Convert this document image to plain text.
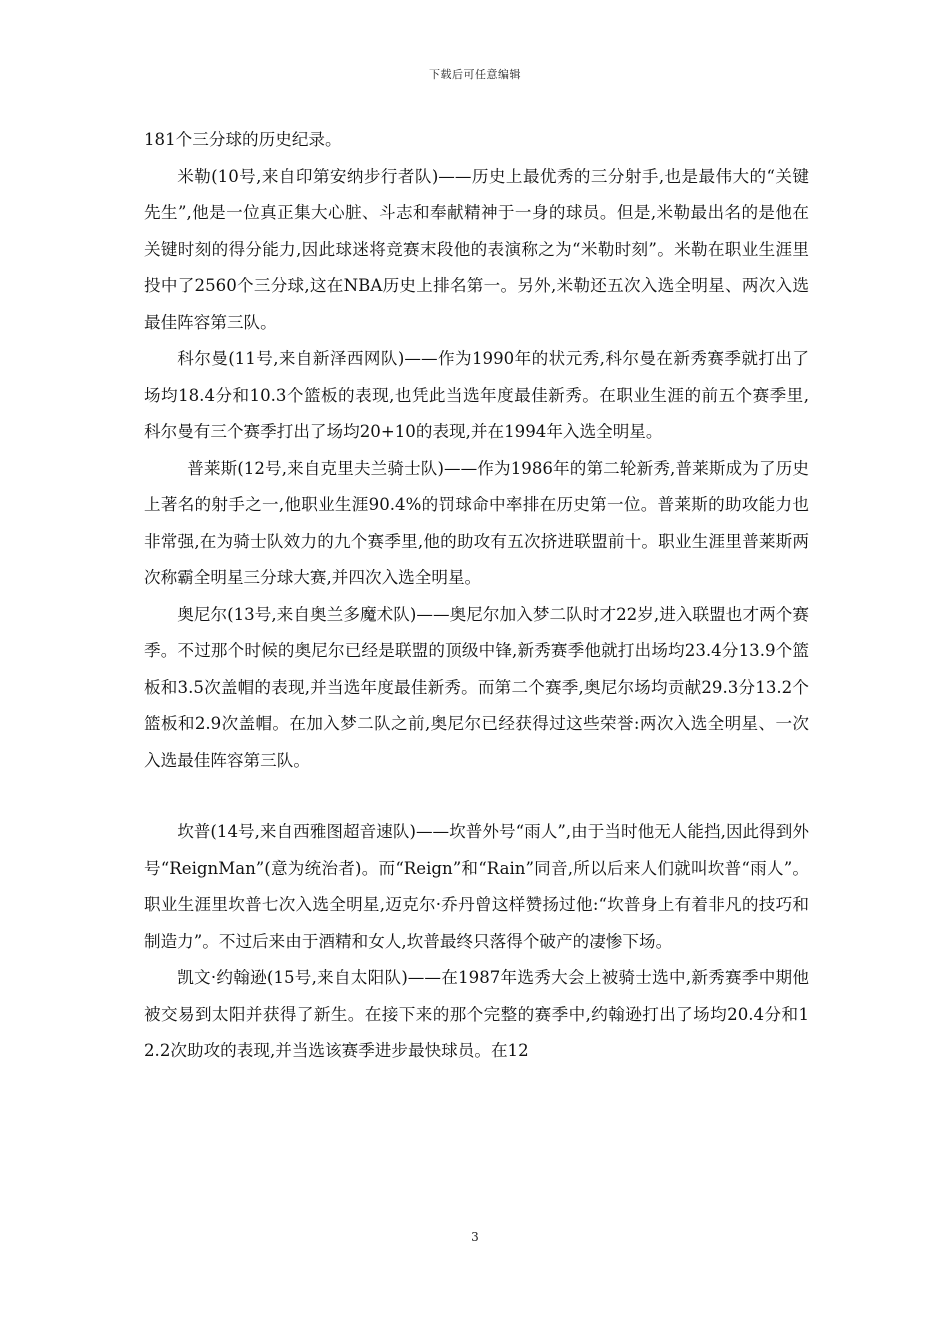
下载后可任意编辑

181个三分球的历史纪录。

米勒(10号,来自印第安纳步行者队)——历史上最优秀的三分射手,也是最伟大的“关键先生”,他是一位真正集大心脏、斗志和奉献精神于一身的球员。但是,米勒最出名的是他在关键时刻的得分能力,因此球迷将竞赛末段他的表演称之为“米勒时刻”。米勒在职业生涯里投中了2560个三分球,这在NBA历史上排名第一。另外,米勒还五次入选全明星、两次入选最佳阵容第三队。

科尔曼(11号,来自新泽西网队)——作为1990年的状元秀,科尔曼在新秀赛季就打出了场均18.4分和10.3个篮板的表现,也凭此当选年度最佳新秀。在职业生涯的前五个赛季里,科尔曼有三个赛季打出了场均20+10的表现,并在1994年入选全明星。

普莱斯(12号,来自克里夫兰骑士队)——作为1986年的第二轮新秀,普莱斯成为了历史上著名的射手之一,他职业生涯90.4%的罚球命中率排在历史第一位。普莱斯的助攻能力也非常强,在为骑士队效力的九个赛季里,他的助攻有五次挤进联盟前十。职业生涯里普莱斯两次称霸全明星三分球大赛,并四次入选全明星。

奥尼尔(13号,来自奥兰多魔术队)——奥尼尔加入梦二队时才22岁,进入联盟也才两个赛季。不过那个时候的奥尼尔已经是联盟的顶级中锋,新秀赛季他就打出场均23.4分13.9个篮板和3.5次盖帽的表现,并当选年度最佳新秀。而第二个赛季,奥尼尔场均贡献29.3分13.2个篮板和2.9次盖帽。在加入梦二队之前,奥尼尔已经获得过这些荣誉:两次入选全明星、一次入选最佳阵容第三队。

坎普(14号,来自西雅图超音速队)——坎普外号“雨人”,由于当时他无人能挡,因此得到外号“ReignMan”(意为统治者)。而“Reign”和“Rain”同音,所以后来人们就叫坎普“雨人”。职业生涯里坎普七次入选全明星,迈克尔·乔丹曾这样赞扬过他:“坎普身上有着非凡的技巧和制造力”。不过后来由于酒精和女人,坎普最终只落得个破产的凄惨下场。

凯文·约翰逊(15号,来自太阳队)——在1987年选秀大会上被骑士选中,新秀赛季中期他被交易到太阳并获得了新生。在接下来的那个完整的赛季中,约翰逊打出了场均20.4分和12.2次助攻的表现,并当选该赛季进步最快球员。在12

3
